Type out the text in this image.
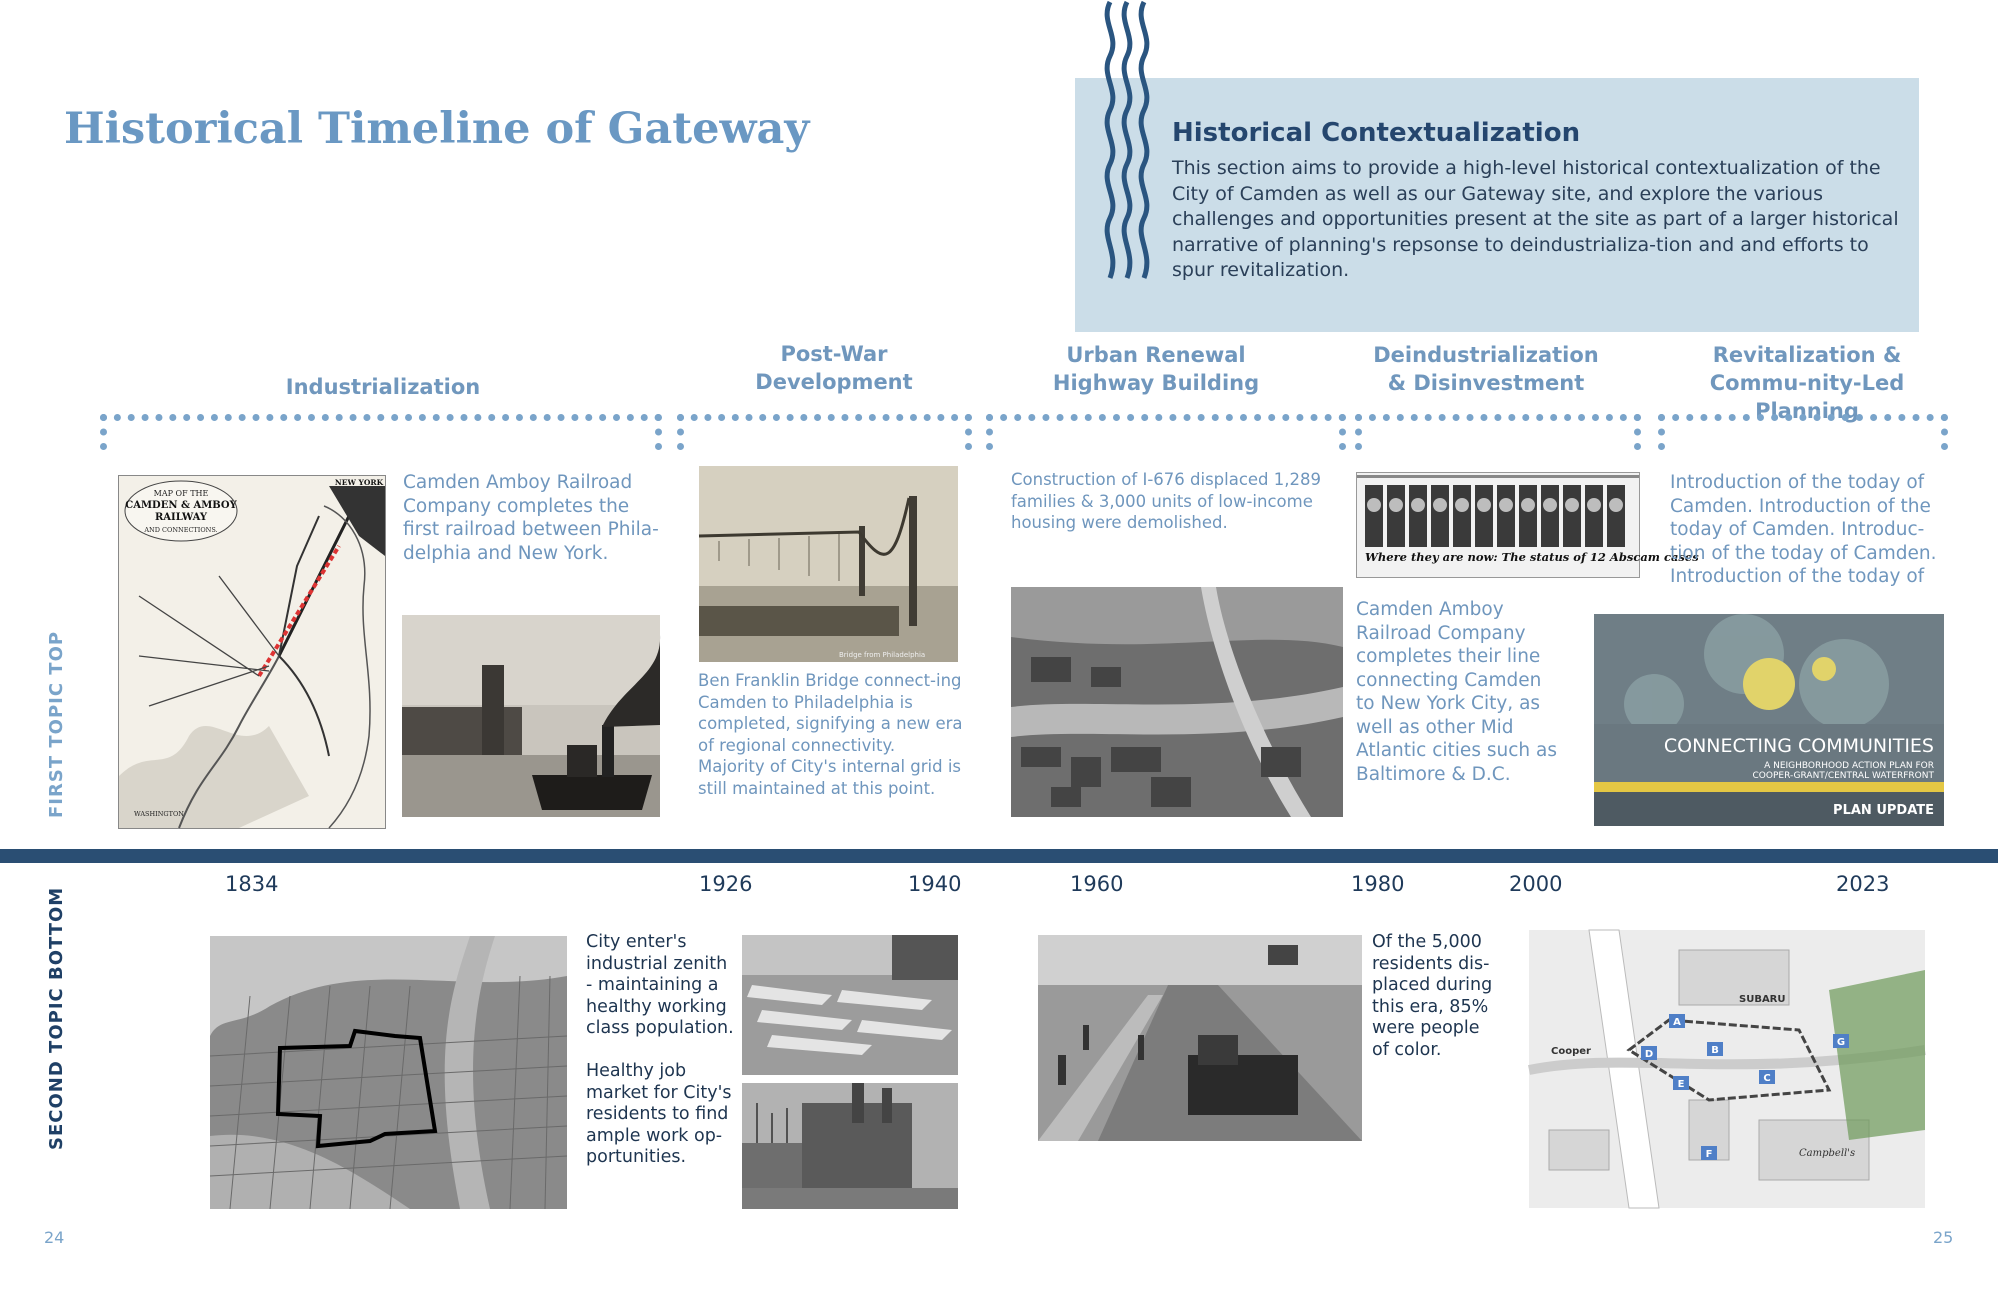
Historical Timeline of Gateway	Historical Contextualization
This section aims to provide a high-level historical contextualization of the City of Camden as well as our Gateway site, and explore the various challenges and opportunities present at the site as part of a larger historical narrative of planning's repsonse to deindustrializa-tion and and efforts to spur revitalization.
Industrialization
Post-War Development
Urban Renewal Highway Building
Deindustrialization & Disinvestment
Revitalization & Commu-nity-Led Planning
FIRST TOPIC TOP
SECOND TOPIC BOTTOM
MAP OF THE
CAMDEN & AMBOY
RAILWAY
AND CONNECTIONS.
NEW YORK
WASHINGTON
Camden Amboy Railroad Company completes the first railroad between Phila-delphia and New York.
Bridge from Philadelphia
Ben Franklin Bridge connect-ing Camden to Philadelphia is completed, signifying a new era of regional connectivity. Majority of City's internal grid is still maintained at this point.
Construction of I-676 displaced 1,289 families & 3,000 units of low-income housing were demolished.
Where they are now: The status of 12 Abscam cases
Camden Amboy Railroad Company completes their line connecting Camden to New York City, as well as other Mid Atlantic cities such as Baltimore & D.C.
Introduction of the today of Camden. Introduction of the today of Camden. Introduc-tion of the today of Camden. Introduction of the today of
CONNECTING COMMUNITIES
A NEIGHBORHOOD ACTION PLAN FOR
COOPER-GRANT/CENTRAL WATERFRONT
PLAN UPDATE
1834	1926	1940	1960	1980	2000	2023
City enter's industrial zenith - maintaining a healthy working class population.
Healthy job market for City's residents to find ample work op-portunities.
Of the 5,000 residents dis-placed during this era, 85% were people of color.
A
B
C
D
E
F
G
Cooper
SUBARU
Campbell's
24	25
